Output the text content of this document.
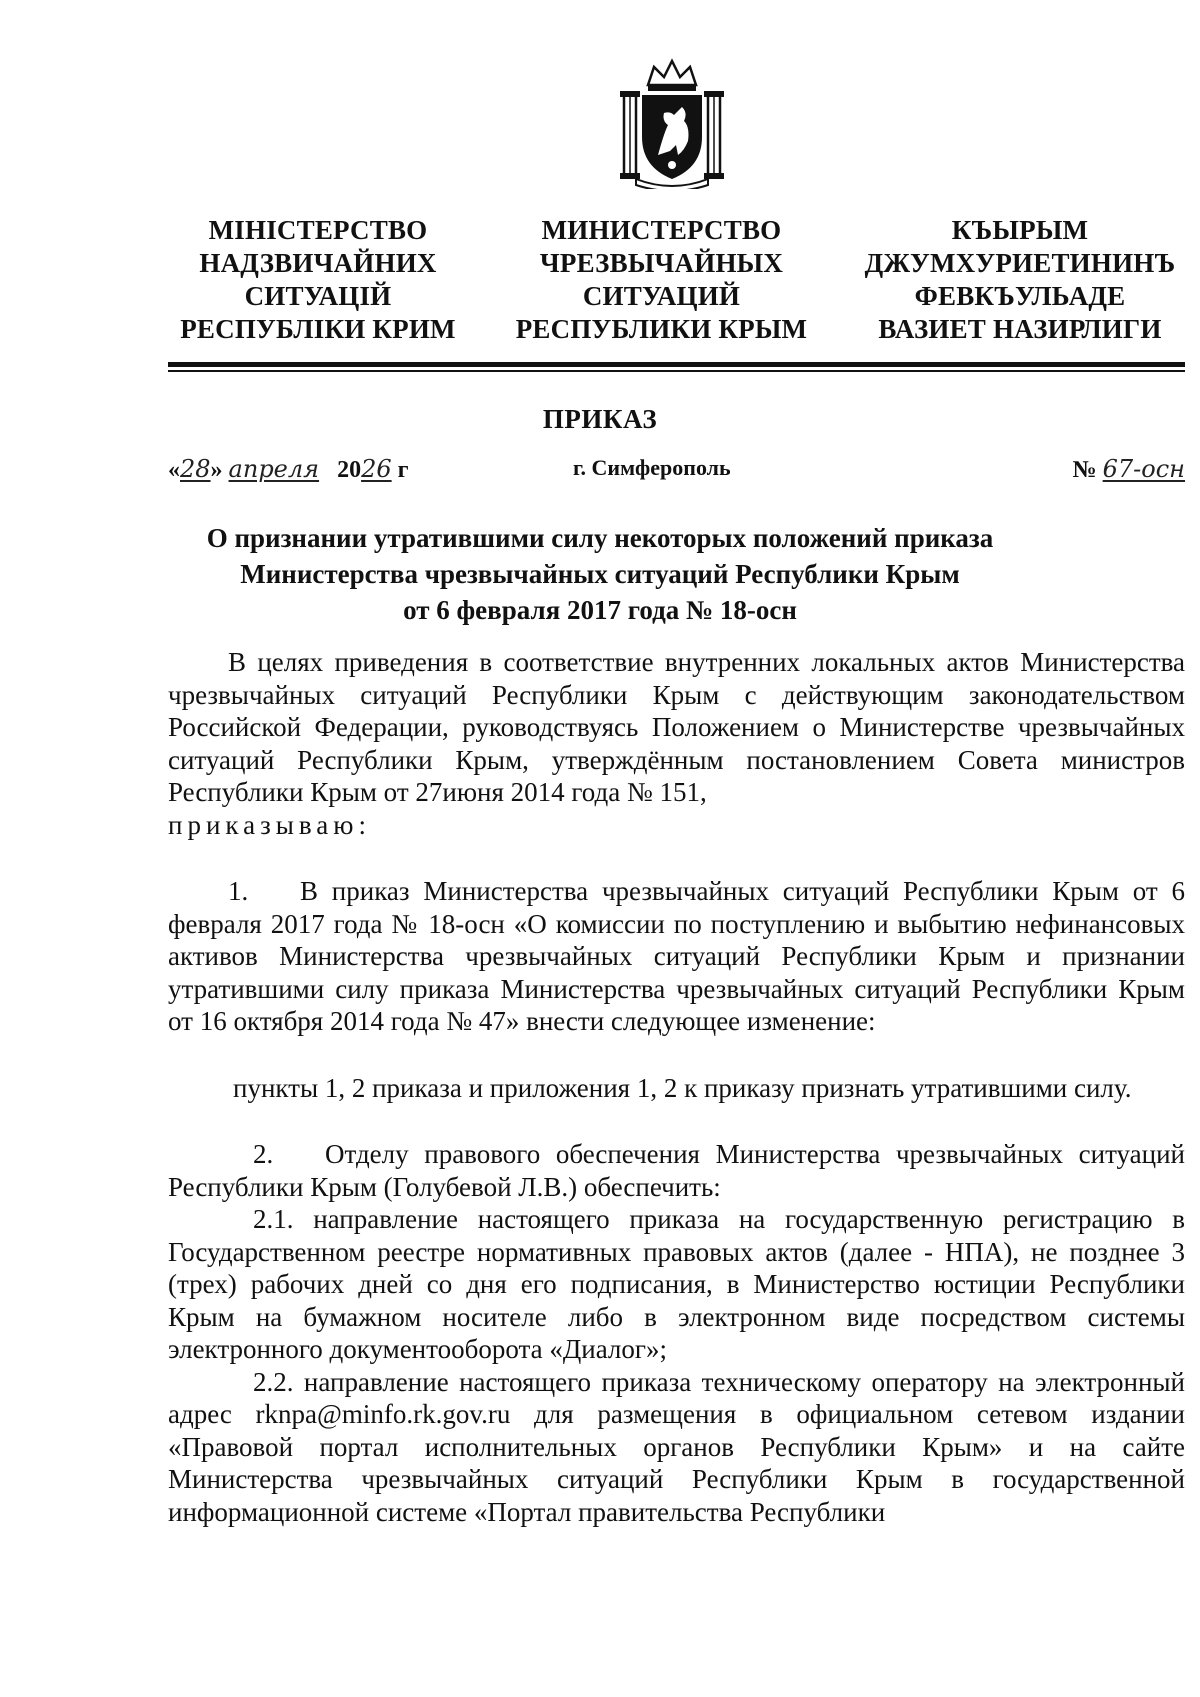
МІНІСТЕРСТВО
НАДЗВИЧАЙНИХ
СИТУАЦІЙ
РЕСПУБЛІКИ КРИМ
МИНИСТЕРСТВО
ЧРЕЗВЫЧАЙНЫХ
СИТУАЦИЙ
РЕСПУБЛИКИ КРЫМ
КЪЫРЫМ
ДЖУМХУРИЕТИНИНЪ
ФЕВКЪУЛЬАДЕ
ВАЗИЕТ НАЗИРЛИГИ
ПРИКАЗ
«28» апреля 2026 г	г. Симферополь	№ 67-осн
О признании утратившими силу некоторых положений приказа
Министерства чрезвычайных ситуаций Республики Крым
от 6 февраля 2017 года № 18-осн

В целях приведения в соответствие внутренних локальных актов Министерства чрезвычайных ситуаций Республики Крым с действующим законодательством Российской Федерации, руководствуясь Положением о Министерстве чрезвычайных ситуаций Республики Крым, утверждённым постановлением Совета министров Республики Крым от 27июня 2014 года № 151,

приказываю:

1. В приказ Министерства чрезвычайных ситуаций Республики Крым от 6 февраля 2017 года № 18-осн «О комиссии по поступлению и выбытию нефинансовых активов Министерства чрезвычайных ситуаций Республики Крым и признании утратившими силу приказа Министерства чрезвычайных ситуаций Республики Крым от 16 октября 2014 года № 47» внести следующее изменение:

пункты 1, 2 приказа и приложения 1, 2 к приказу признать утратившими силу.

2. Отделу правового обеспечения Министерства чрезвычайных ситуаций Республики Крым (Голубевой Л.В.) обеспечить:

2.1. направление настоящего приказа на государственную регистрацию в Государственном реестре нормативных правовых актов (далее - НПА), не позднее 3 (трех) рабочих дней со дня его подписания, в Министерство юстиции Республики Крым на бумажном носителе либо в электронном виде посредством системы электронного документооборота «Диалог»;

2.2. направление настоящего приказа техническому оператору на электронный адрес rknpa@minfo.rk.gov.ru для размещения в официальном сетевом издании «Правовой портал исполнительных органов Республики Крым» и на сайте Министерства чрезвычайных ситуаций Республики Крым в государственной информационной системе «Портал правительства Республики
